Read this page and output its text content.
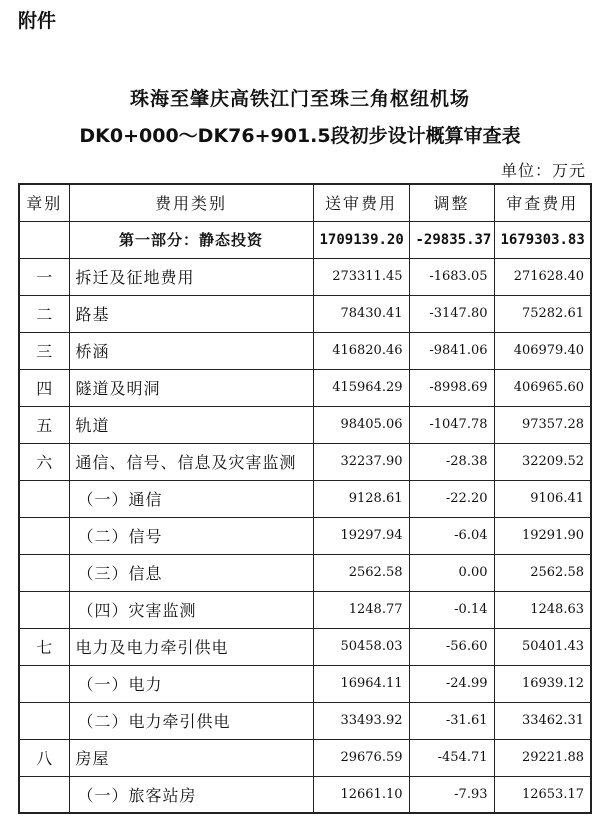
附件
珠海至肇庆高铁江门至珠三角枢纽机场
DK0+000～DK76+901.5段初步设计概算审查表
单位：万元
章别	费用类别	送审费用	调整	审查费用
	第一部分：静态投资	1709139.20	-29835.37	1679303.83
一	拆迁及征地费用	273311.45	-1683.05	271628.40
二	路基	78430.41	-3147.80	75282.61
三	桥涵	416820.46	-9841.06	406979.40
四	隧道及明洞	415964.29	-8998.69	406965.60
五	轨道	98405.06	-1047.78	97357.28
六	通信、信号、信息及灾害监测	32237.90	-28.38	32209.52
	（一）通信	9128.61	-22.20	9106.41
	（二）信号	19297.94	-6.04	19291.90
	（三）信息	2562.58	0.00	2562.58
	（四）灾害监测	1248.77	-0.14	1248.63
七	电力及电力牵引供电	50458.03	-56.60	50401.43
	（一）电力	16964.11	-24.99	16939.12
	（二）电力牵引供电	33493.92	-31.61	33462.31
八	房屋	29676.59	-454.71	29221.88
	（一）旅客站房	12661.10	-7.93	12653.17
